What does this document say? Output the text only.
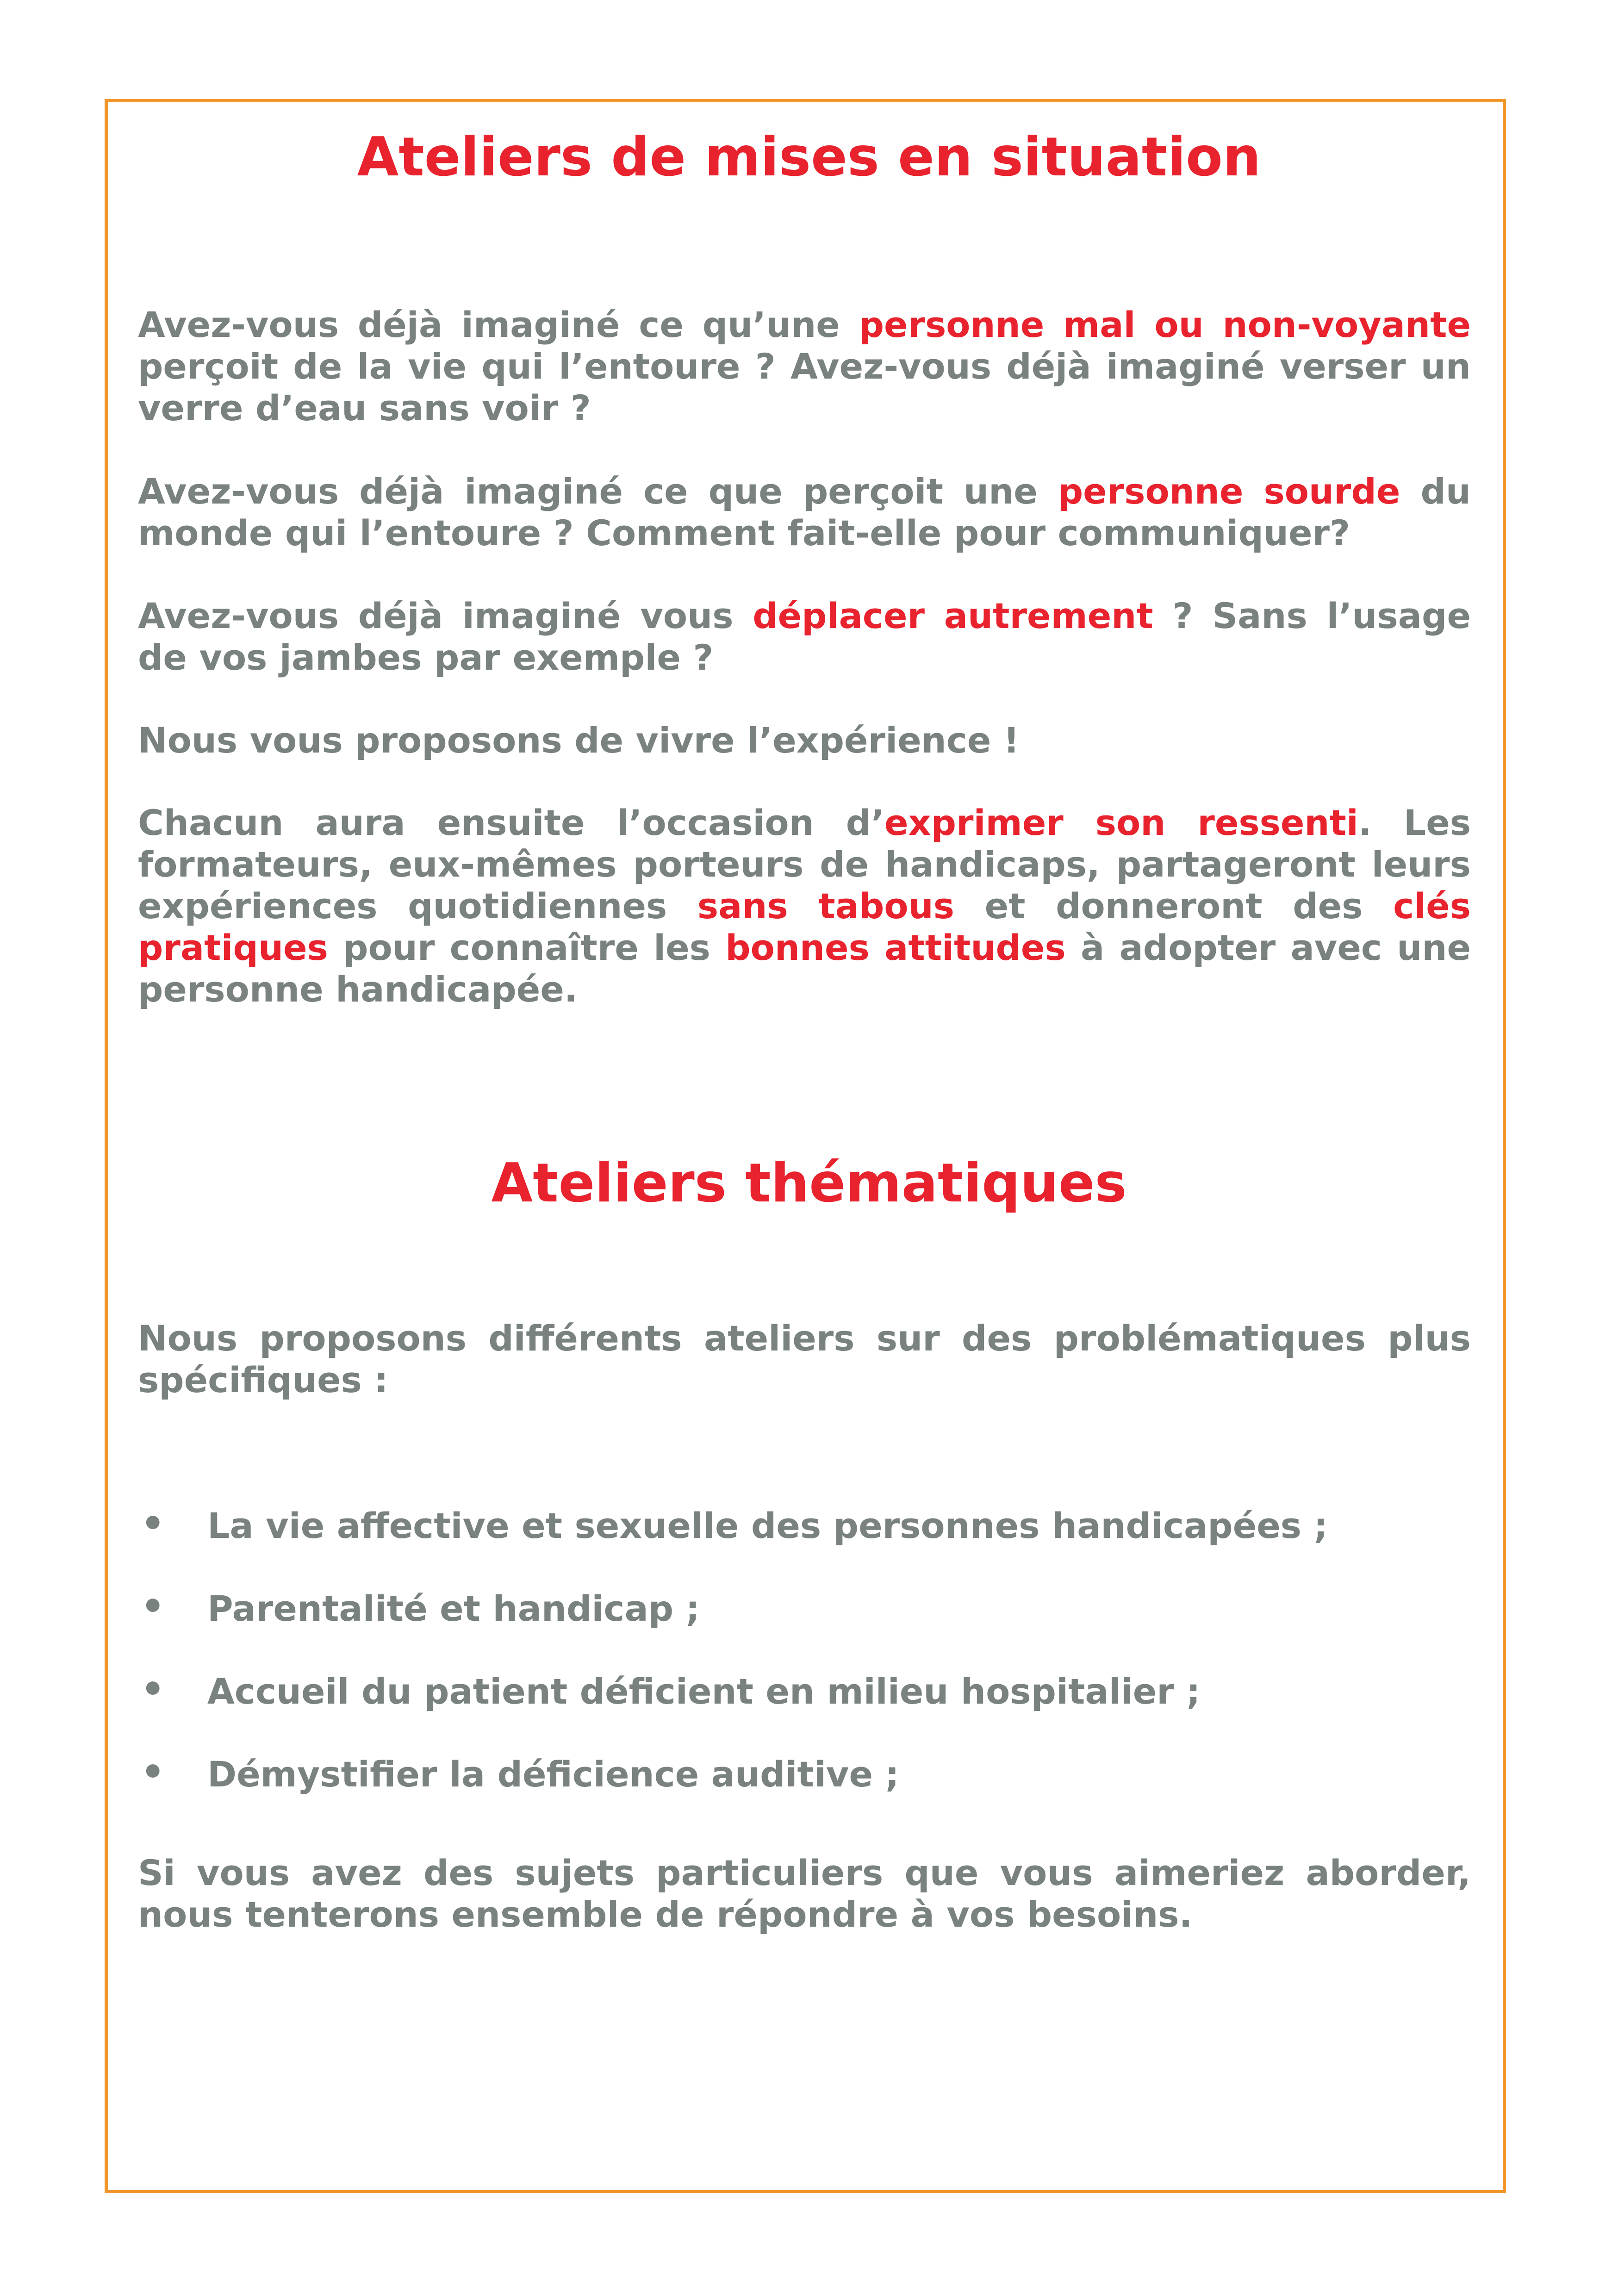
Ateliers de mises en situation

Avez-vous déjà imaginé ce qu’une personne mal ou non-voyante perçoit de la vie qui l’entoure ? Avez-vous déjà imaginé verser un verre d’eau sans voir ?

Avez-vous déjà imaginé ce que perçoit une personne sourde du monde qui l’entoure ? Comment fait-elle pour communiquer?

Avez-vous déjà imaginé vous déplacer autrement ? Sans l’usage de vos jambes par exemple ?

Nous vous proposons de vivre l’expérience !

Chacun aura ensuite l’occasion d’exprimer son ressenti. Les formateurs, eux-mêmes porteurs de handicaps, partageront leurs expériences quotidiennes sans tabous et donneront des clés pratiques pour connaître les bonnes attitudes à adopter avec une personne handicapée.

Ateliers thématiques

Nous proposons différents ateliers sur des problématiques plus spécifiques :

• La vie affective et sexuelle des personnes handicapées ;
• Parentalité et handicap ;
• Accueil du patient déficient en milieu hospitalier ;
• Démystifier la déficience auditive ;

Si vous avez des sujets particuliers que vous aimeriez aborder, nous tenterons ensemble de répondre à vos besoins.
